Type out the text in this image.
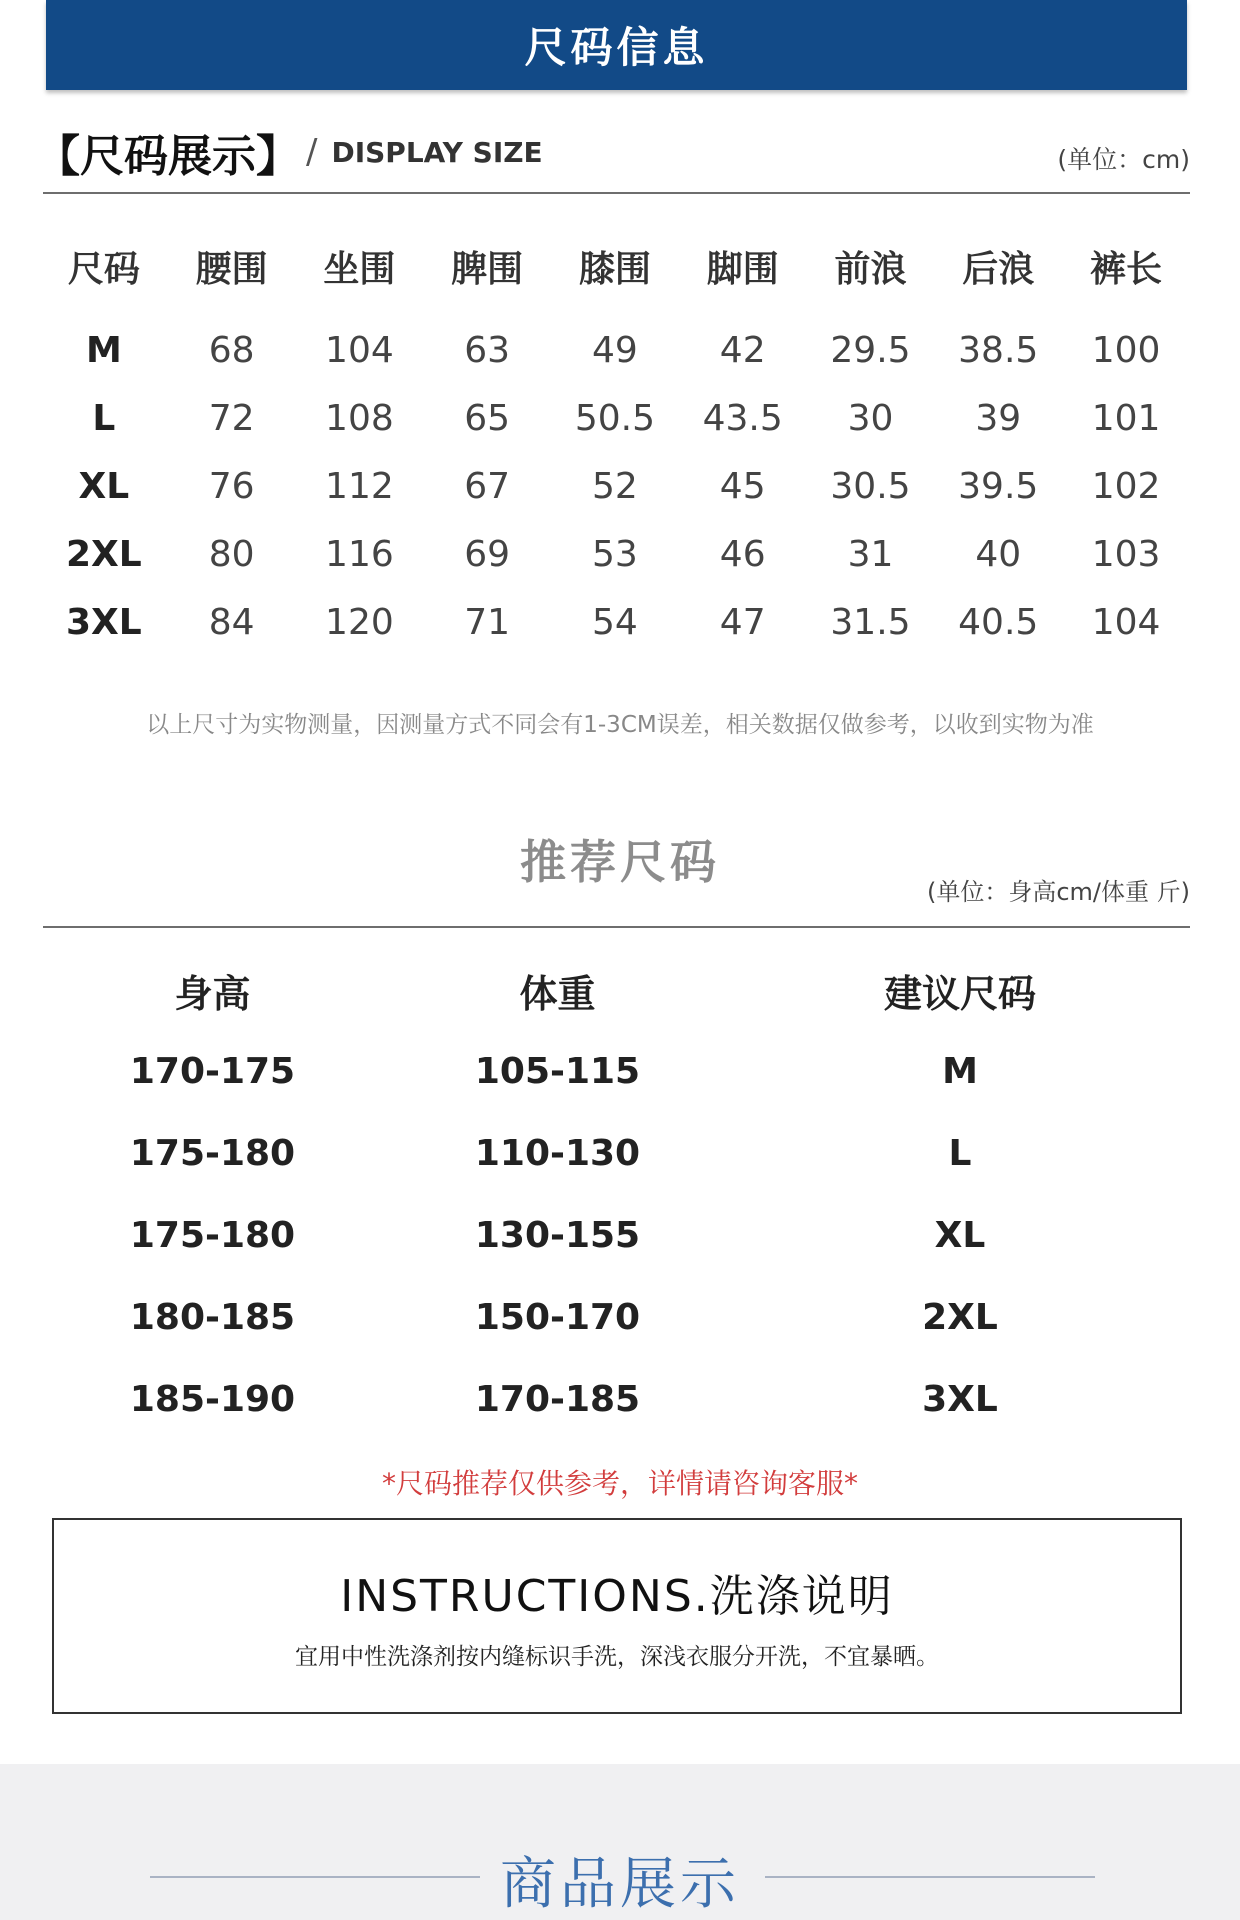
尺码信息
【尺码展示】 / DISPLAY SIZE	(单位：cm)
尺码	腰围	坐围	脾围	膝围	脚围	前浪	后浪	裤长

M	68	104	63	49	42	29.5	38.5	100
L	72	108	65	50.5	43.5	30	39	101
XL	76	112	67	52	45	30.5	39.5	102
2XL	80	116	69	53	46	31	40	103
3XL	84	120	71	54	47	31.5	40.5	104
以上尺寸为实物测量，因测量方式不同会有1-3CM误差，相关数据仅做参考，以收到实物为准
推荐尺码
(单位：身高cm/体重 斤)
身高	体重	建议尺码
170-175	105-115	M
175-180	110-130	L
175-180	130-155	XL
180-185	150-170	2XL
185-190	170-185	3XL
*尺码推荐仅供参考，详情请咨询客服*
INSTRUCTIONS.洗涤说明
宜用中性洗涤剂按内缝标识手洗，深浅衣服分开洗，不宜暴晒。
商品展示
